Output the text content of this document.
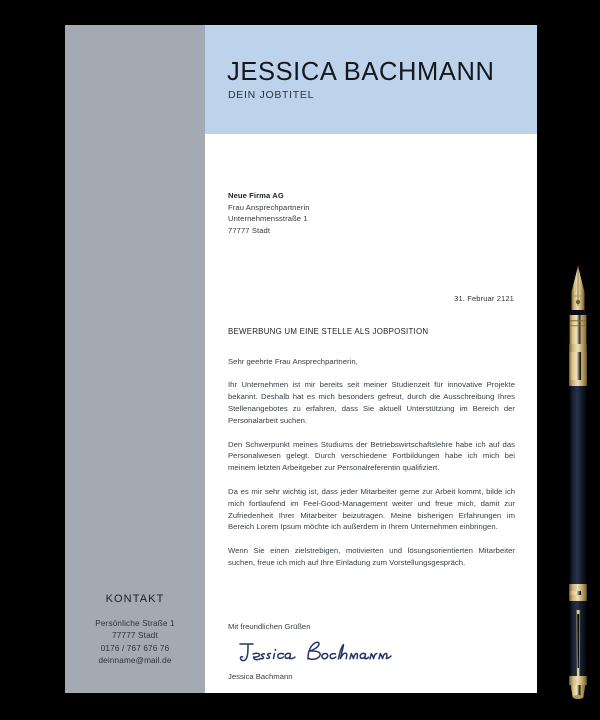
KONTAKT
Persönliche Straße 1
77777 Stadt
0176 / 767 676 76
deinname@mail.de
JESSICA BACHMANN
DEIN JOBTITEL
Neue Firma AG
Frau Ansprechpartnerin
Unternehmensstraße 1
77777 Stadt
31. Februar 2121
BEWERBUNG UM EINE STELLE ALS JOBPOSITION

Sehr geehrte Frau Ansprechpartnerin,

Ihr Unternehmen ist mir bereits seit meiner Studienzeit für innovative Projekte bekannt. Deshalb hat es mich besonders gefreut, durch die Ausschreibung Ihres Stellenangebotes zu erfahren, dass Sie aktuell Unterstützung im Bereich der Personalarbeit suchen.

Den Schwerpunkt meines Studiums der Betriebswirtschaftslehre habe ich auf das Personalwesen gelegt. Durch verschiedene Fortbildungen habe ich mich bei meinem letzten Arbeitgeber zur Personalreferentin qualifiziert.

Da es mir sehr wichtig ist, dass jeder Mitarbeiter gerne zur Arbeit kommt, bilde ich mich fortlaufend im Feel-Good-Management weiter und freue mich, damit zur Zufriedenheit Ihrer Mitarbeiter beizutragen. Meine bisherigen Erfahrungen im Bereich Lorem Ipsum möchte ich außerdem in Ihrem Unternehmen einbringen.

Wenn Sie einen zielstrebigen, motivierten und lösungsorientierten Mitarbeiter suchen, freue ich mich auf Ihre Einladung zum Vorstellungsgespräch.

Mit freundlichen Grüßen
Jessica Bachmann
